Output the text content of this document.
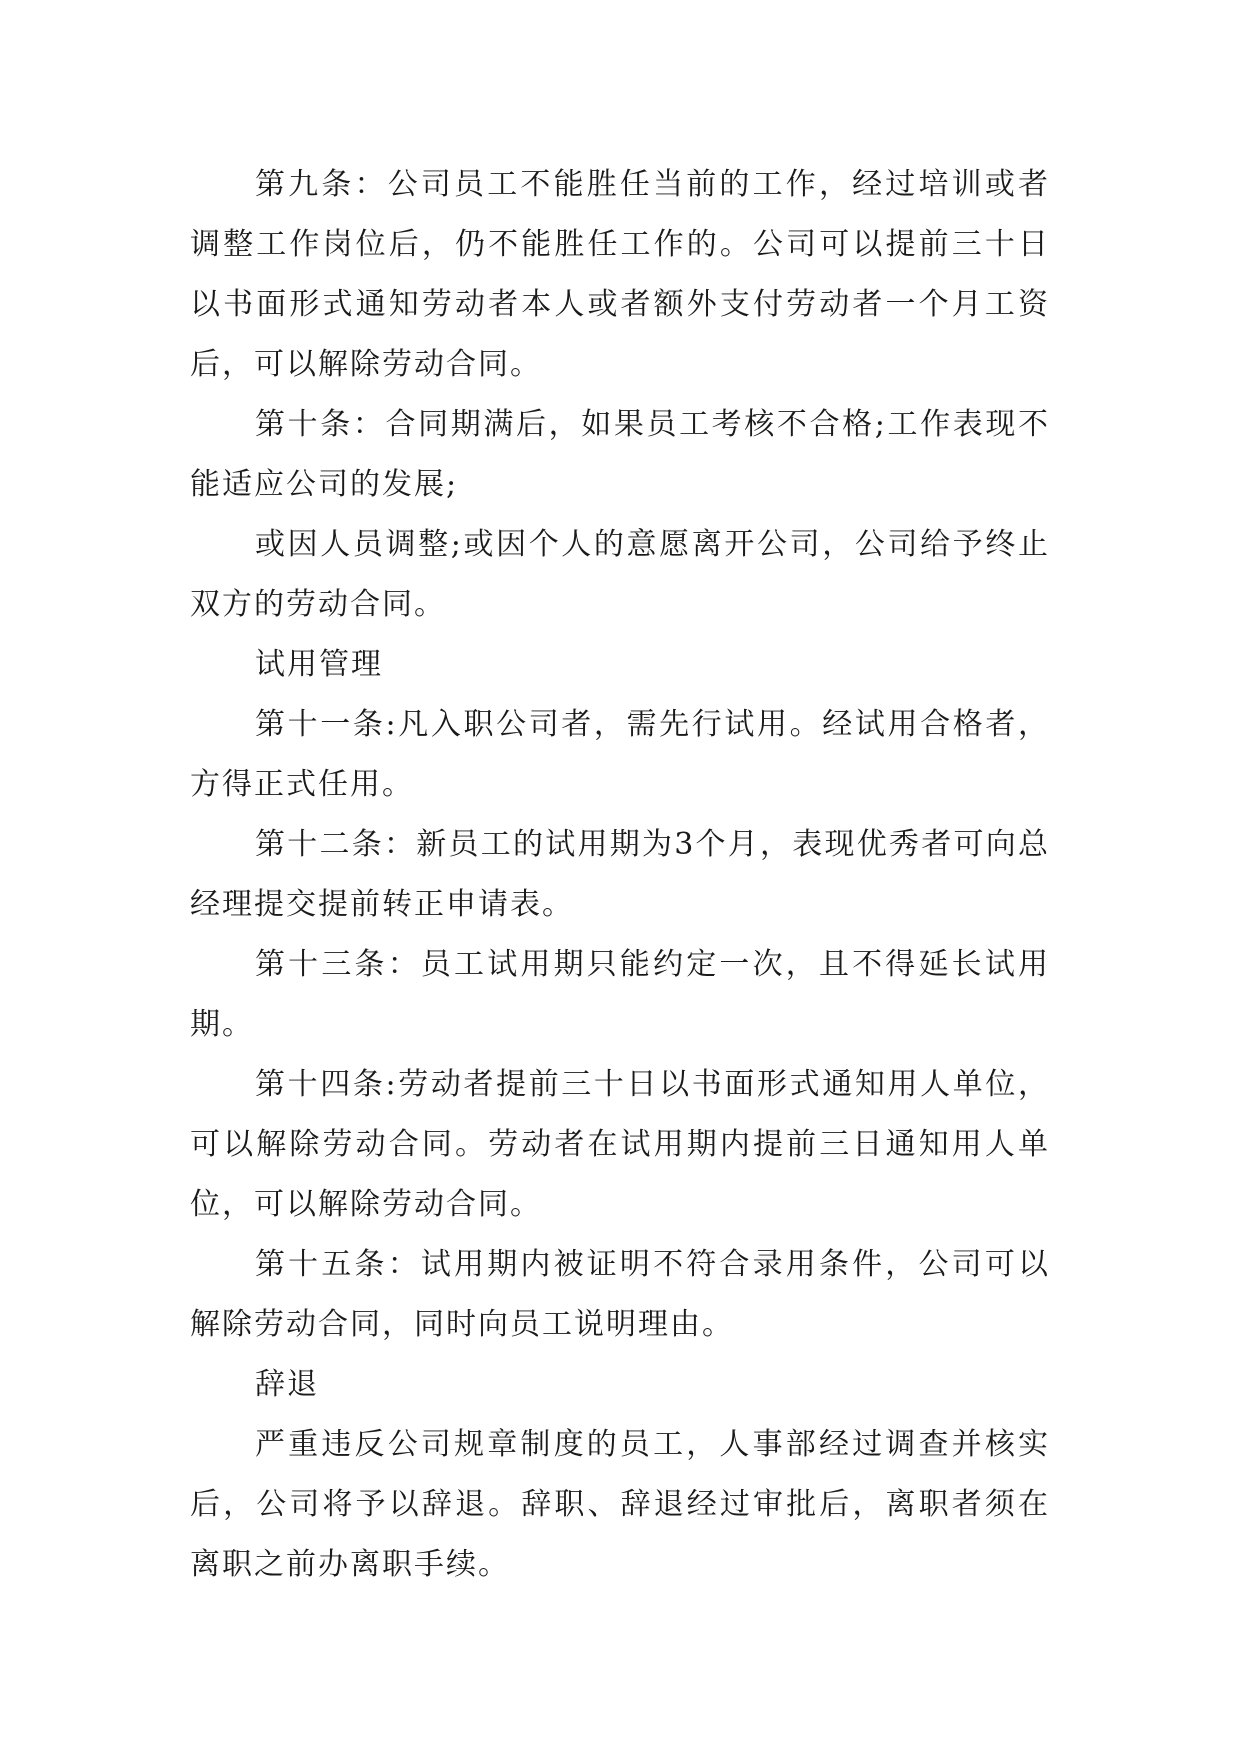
第九条：公司员工不能胜任当前的工作，经过培训或者调整工作岗位后，仍不能胜任工作的。公司可以提前三十日以书面形式通知劳动者本人或者额外支付劳动者一个月工资后，可以解除劳动合同。

第十条：合同期满后，如果员工考核不合格;工作表现不能适应公司的发展;

或因人员调整;或因个人的意愿离开公司，公司给予终止双方的劳动合同。

试用管理

第十一条:凡入职公司者，需先行试用。经试用合格者，方得正式任用。

第十二条：新员工的试用期为3个月，表现优秀者可向总经理提交提前转正申请表。

第十三条：员工试用期只能约定一次，且不得延长试用期。

第十四条:劳动者提前三十日以书面形式通知用人单位，可以解除劳动合同。劳动者在试用期内提前三日通知用人单位，可以解除劳动合同。

第十五条：试用期内被证明不符合录用条件，公司可以解除劳动合同，同时向员工说明理由。

辞退

严重违反公司规章制度的员工，人事部经过调查并核实后，公司将予以辞退。辞职、辞退经过审批后，离职者须在离职之前办离职手续。
